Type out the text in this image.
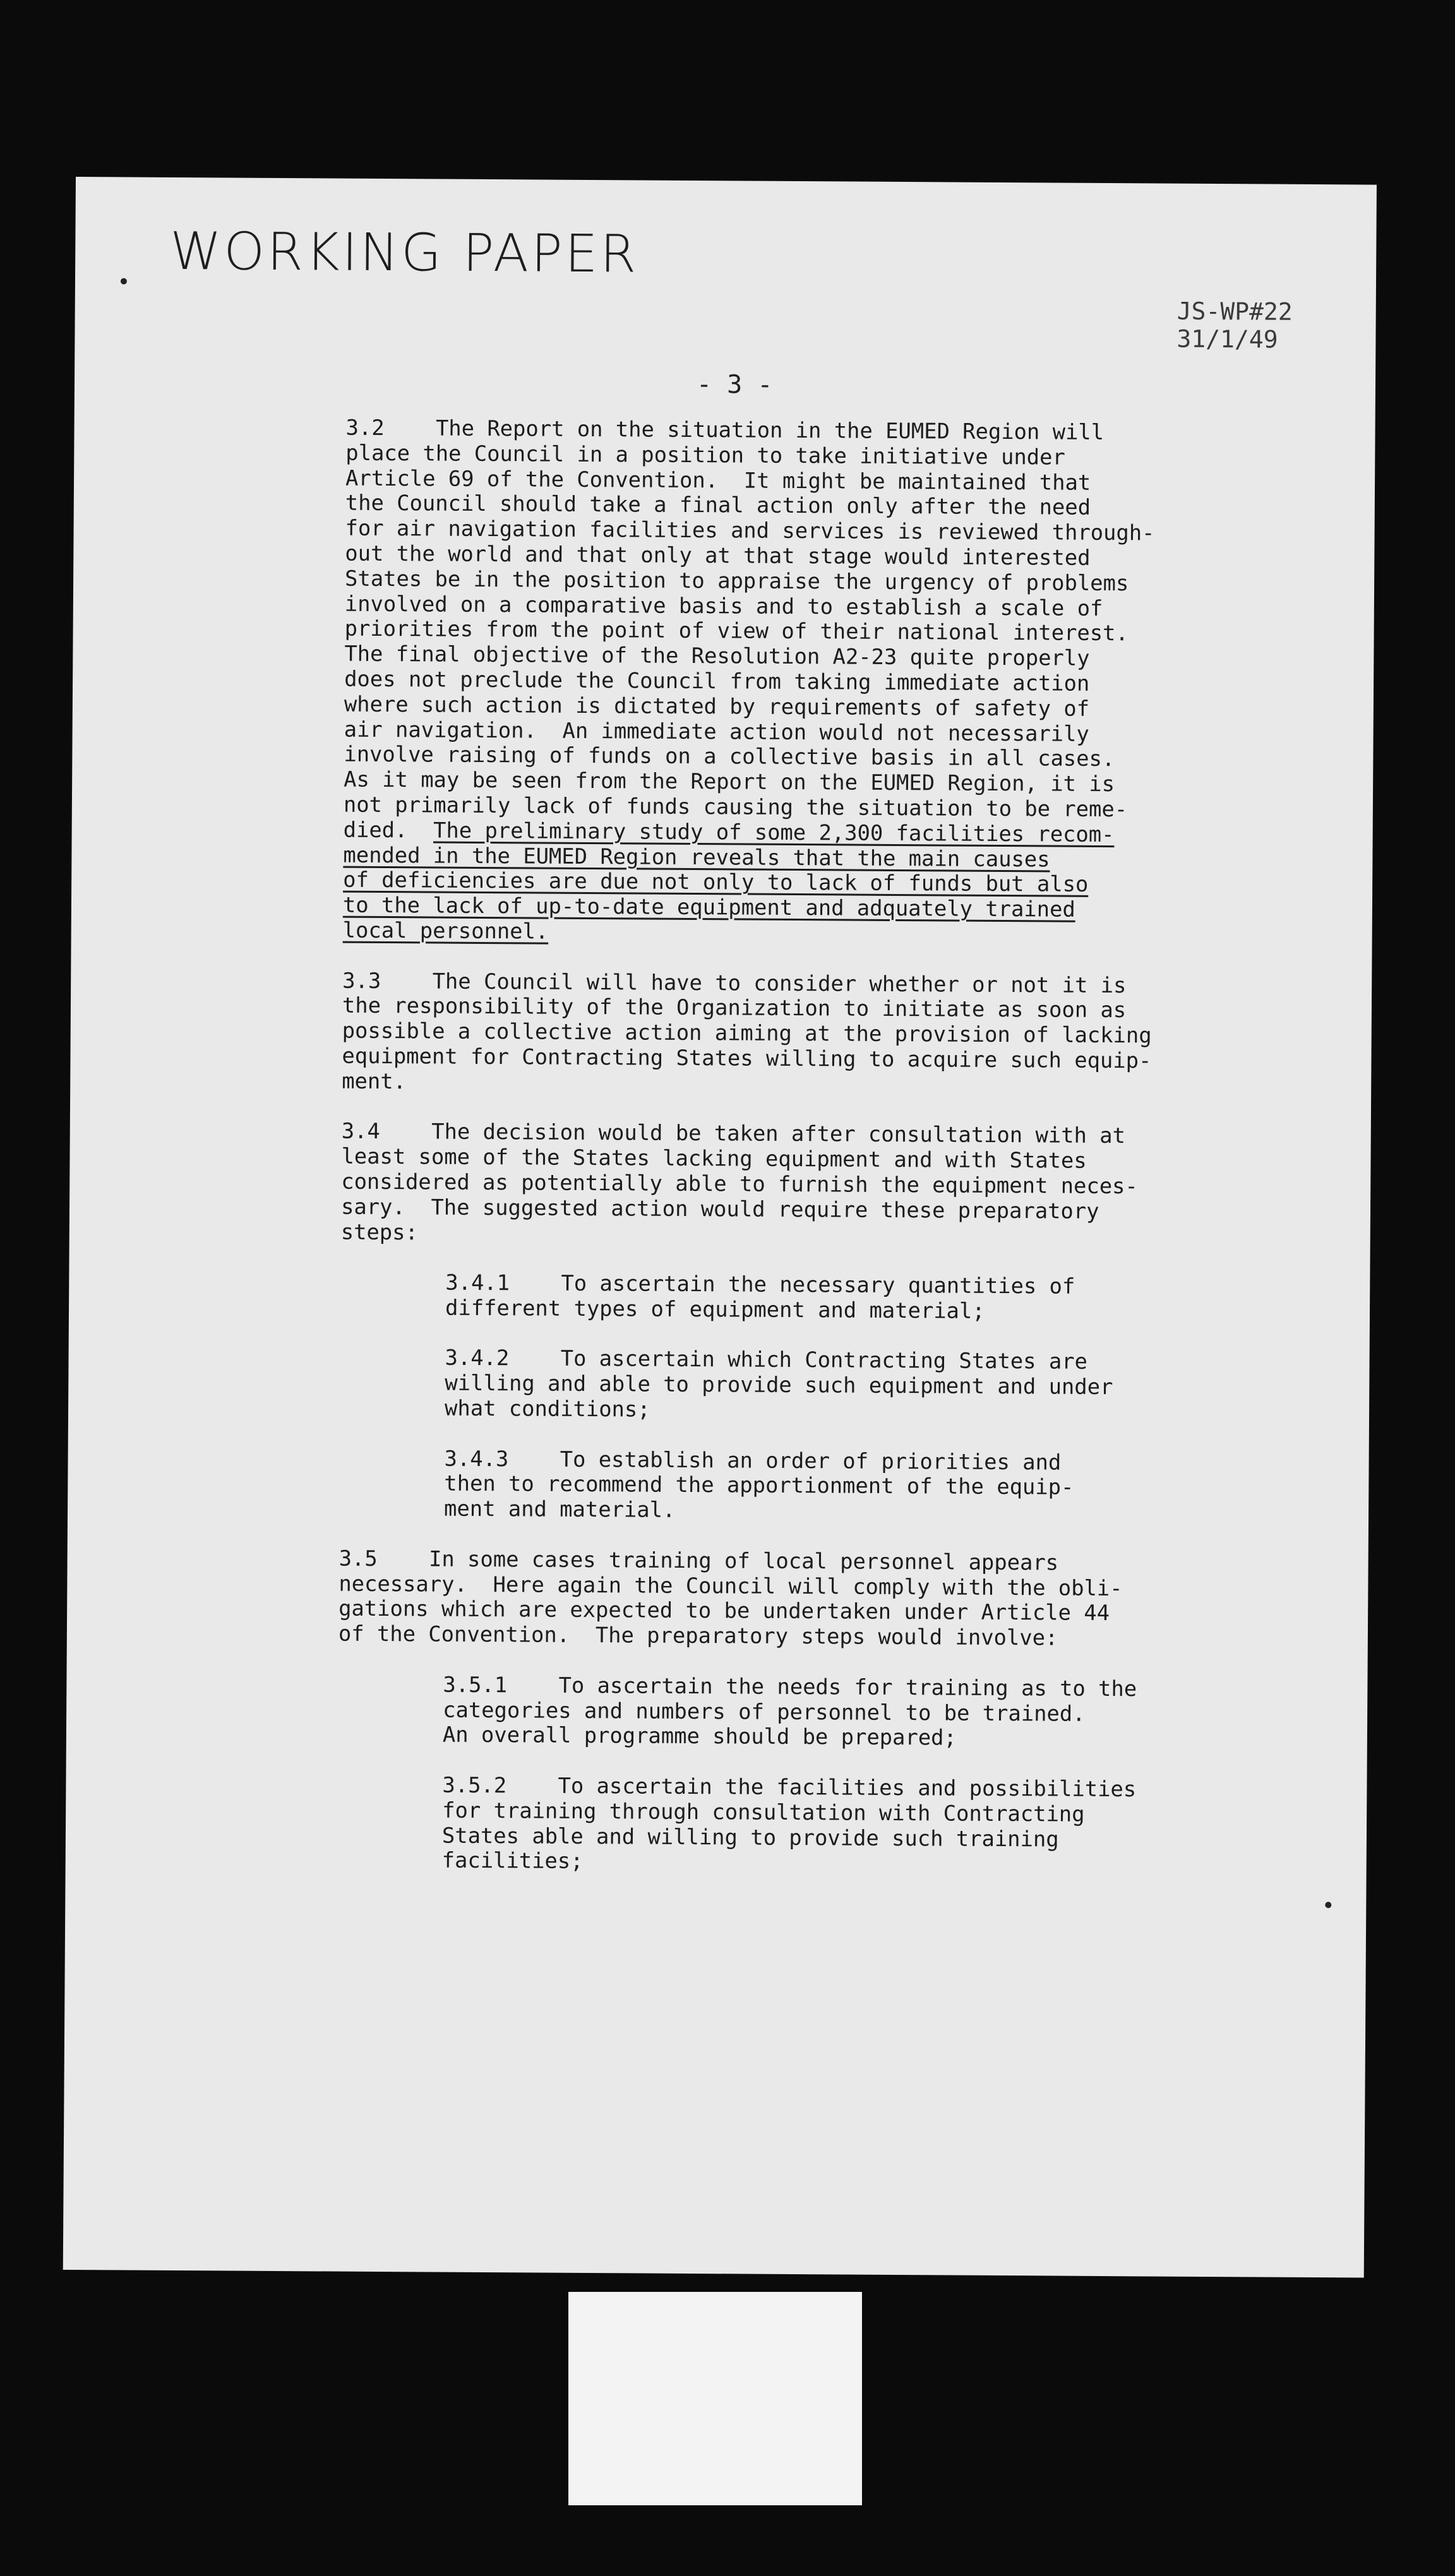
WORKING PAPER
JS-WP#22
31/1/49
- 3 -
3.2    The Report on the situation in the EUMED Region will
place the Council in a position to take initiative under
Article 69 of the Convention.  It might be maintained that
the Council should take a final action only after the need
for air navigation facilities and services is reviewed through-
out the world and that only at that stage would interested
States be in the position to appraise the urgency of problems
involved on a comparative basis and to establish a scale of
priorities from the point of view of their national interest.
The final objective of the Resolution A2-23 quite properly
does not preclude the Council from taking immediate action
where such action is dictated by requirements of safety of
air navigation.  An immediate action would not necessarily
involve raising of funds on a collective basis in all cases.
As it may be seen from the Report on the EUMED Region, it is
not primarily lack of funds causing the situation to be reme-
died.  The preliminary study of some 2,300 facilities recom-
mended in the EUMED Region reveals that the main causes
of deficiencies are due not only to lack of funds but also
to the lack of up-to-date equipment and adquately trained
local personnel.
3.3    The Council will have to consider whether or not it is
the responsibility of the Organization to initiate as soon as
possible a collective action aiming at the provision of lacking
equipment for Contracting States willing to acquire such equip-
ment.
3.4    The decision would be taken after consultation with at
least some of the States lacking equipment and with States
considered as potentially able to furnish the equipment neces-
sary.  The suggested action would require these preparatory
steps:
3.4.1    To ascertain the necessary quantities of
different types of equipment and material;
3.4.2    To ascertain which Contracting States are
willing and able to provide such equipment and under
what conditions;
3.4.3    To establish an order of priorities and
then to recommend the apportionment of the equip-
ment and material.
3.5    In some cases training of local personnel appears
necessary.  Here again the Council will comply with the obli-
gations which are expected to be undertaken under Article 44
of the Convention.  The preparatory steps would involve:
3.5.1    To ascertain the needs for training as to the
categories and numbers of personnel to be trained.
An overall programme should be prepared;
3.5.2    To ascertain the facilities and possibilities
for training through consultation with Contracting
States able and willing to provide such training
facilities;
